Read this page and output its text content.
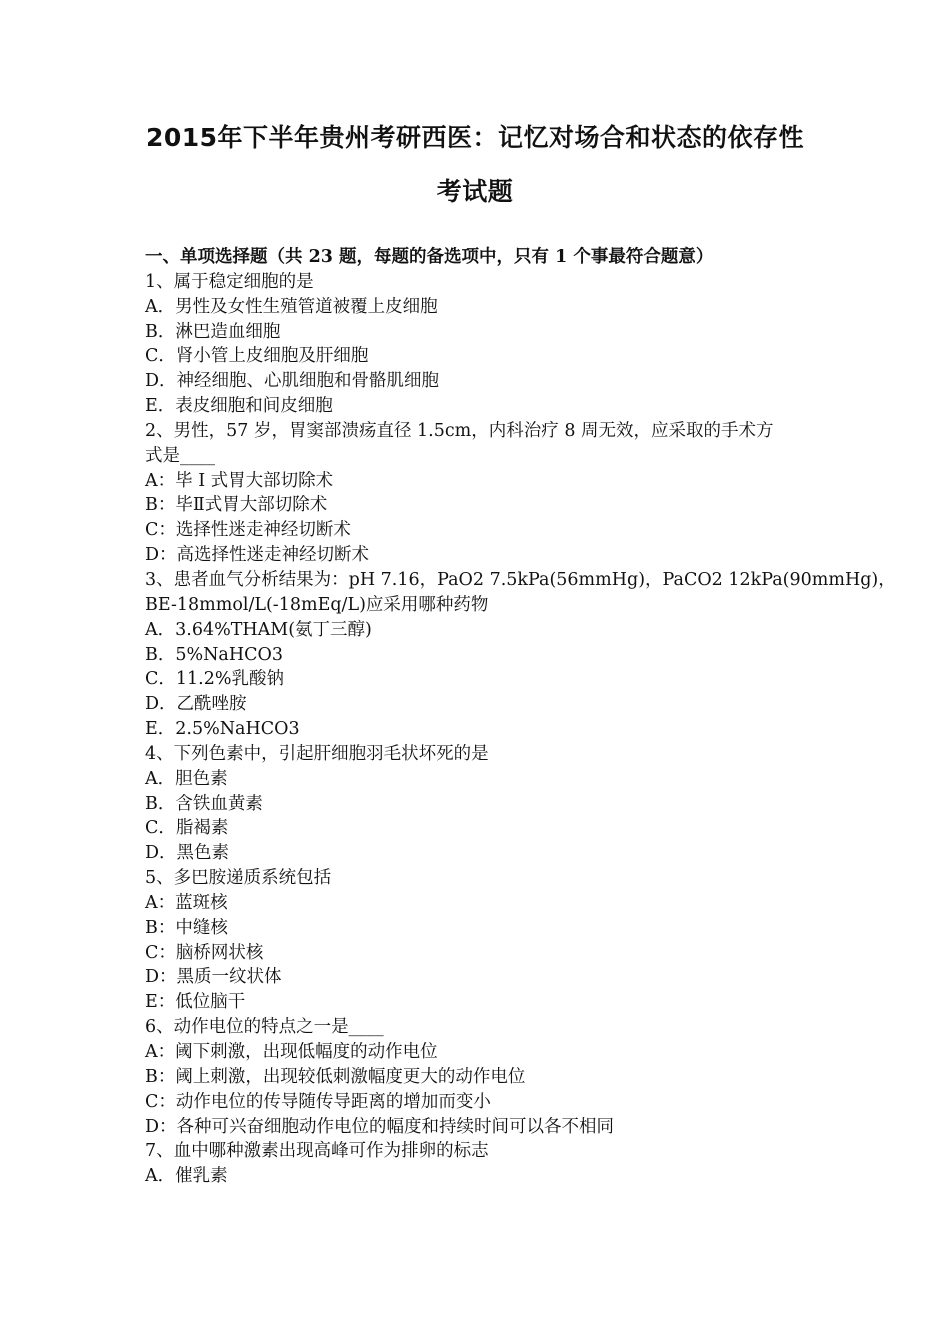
2015年下半年贵州考研西医：记忆对场合和状态的依存性
考试题
一、单项选择题（共 23 题，每题的备选项中，只有 1 个事最符合题意）
1、属于稳定细胞的是
A．男性及女性生殖管道被覆上皮细胞
B．淋巴造血细胞
C．肾小管上皮细胞及肝细胞
D．神经细胞、心肌细胞和骨骼肌细胞
E．表皮细胞和间皮细胞
2、男性，57 岁，胃窦部溃疡直径 1.5cm，内科治疗 8 周无效，应采取的手术方
式是____
A：毕 I 式胃大部切除术
B：毕Ⅱ式胃大部切除术
C：选择性迷走神经切断术
D：高选择性迷走神经切断术
3、患者血气分析结果为：pH 7.16，PaO2 7.5kPa(56mmHg)，PaCO2 12kPa(90mmHg)，
BE-18mmol/L(-18mEq/L)应采用哪种药物
A．3.64%THAM(氨丁三醇)
B．5%NaHCO3
C．11.2%乳酸钠
D．乙酰唑胺
E．2.5%NaHCO3
4、下列色素中，引起肝细胞羽毛状坏死的是
A．胆色素
B．含铁血黄素
C．脂褐素
D．黑色素
5、多巴胺递质系统包括
A：蓝斑核
B：中缝核
C：脑桥网状核
D：黑质一纹状体
E：低位脑干
6、动作电位的特点之一是____
A：阈下刺激，出现低幅度的动作电位
B：阈上刺激，出现较低刺激幅度更大的动作电位
C：动作电位的传导随传导距离的增加而变小
D：各种可兴奋细胞动作电位的幅度和持续时间可以各不相同
7、血中哪种激素出现高峰可作为排卵的标志
A．催乳素
